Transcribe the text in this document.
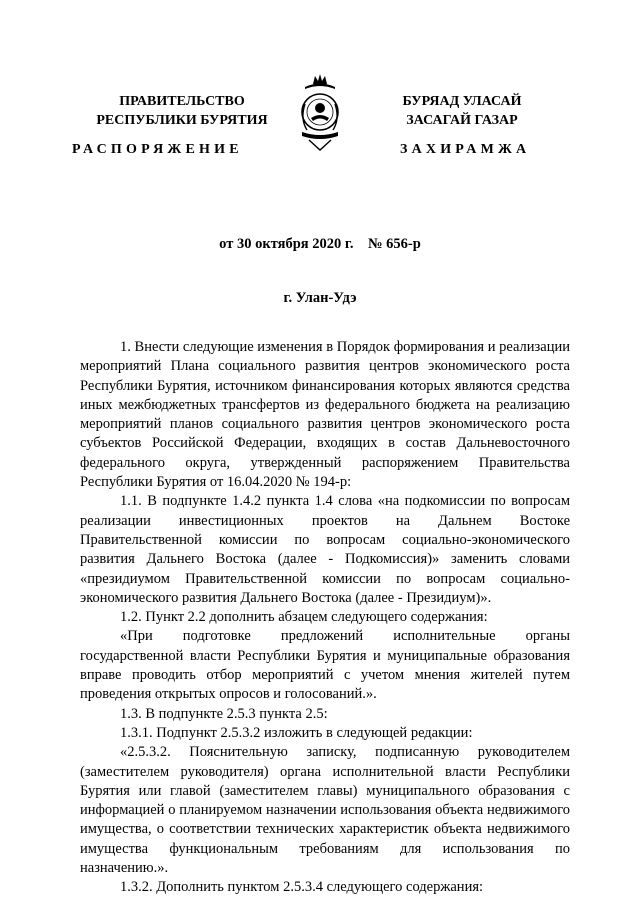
ПРАВИТЕЛЬСТВО
РЕСПУБЛИКИ БУРЯТИЯ
БУРЯАД УЛАСАЙ
ЗАСАГАЙ ГАЗАР
РАСПОРЯЖЕНИЕ	ЗАХИРАМЖА
от 30 октября 2020 г. № 656-р
г. Улан-Удэ

1. Внести следующие изменения в Порядок формирования и реализации мероприятий Плана социального развития центров экономического роста Республики Бурятия, источником финансирования которых являются средства иных межбюджетных трансфертов из федерального бюджета на реализацию мероприятий планов социального развития центров экономического роста субъектов Российской Федерации, входящих в состав Дальневосточного федерального округа, утвержденный распоряжением Правительства Республики Бурятия от 16.04.2020 № 194-р:

1.1. В подпункте 1.4.2 пункта 1.4 слова «на подкомиссии по вопросам реализации инвестиционных проектов на Дальнем Востоке Правительственной комиссии по вопросам социально-экономического развития Дальнего Востока (далее - Подкомиссия)» заменить словами «президиумом Правительственной комиссии по вопросам социально-экономического развития Дальнего Востока (далее - Президиум)».

1.2. Пункт 2.2 дополнить абзацем следующего содержания:

«При подготовке предложений исполнительные органы государственной власти Республики Бурятия и муниципальные образования вправе проводить отбор мероприятий с учетом мнения жителей путем проведения открытых опросов и голосований.».

1.3. В подпункте 2.5.3 пункта 2.5:

1.3.1. Подпункт 2.5.3.2 изложить в следующей редакции:

«2.5.3.2. Пояснительную записку, подписанную руководителем (заместителем руководителя) органа исполнительной власти Республики Бурятия или главой (заместителем главы) муниципального образования с информацией о планируемом назначении использования объекта недвижимого имущества, о соответствии технических характеристик объекта недвижимого имущества функциональным требованиям для использования по назначению.».

1.3.2. Дополнить пунктом 2.5.3.4 следующего содержания:
